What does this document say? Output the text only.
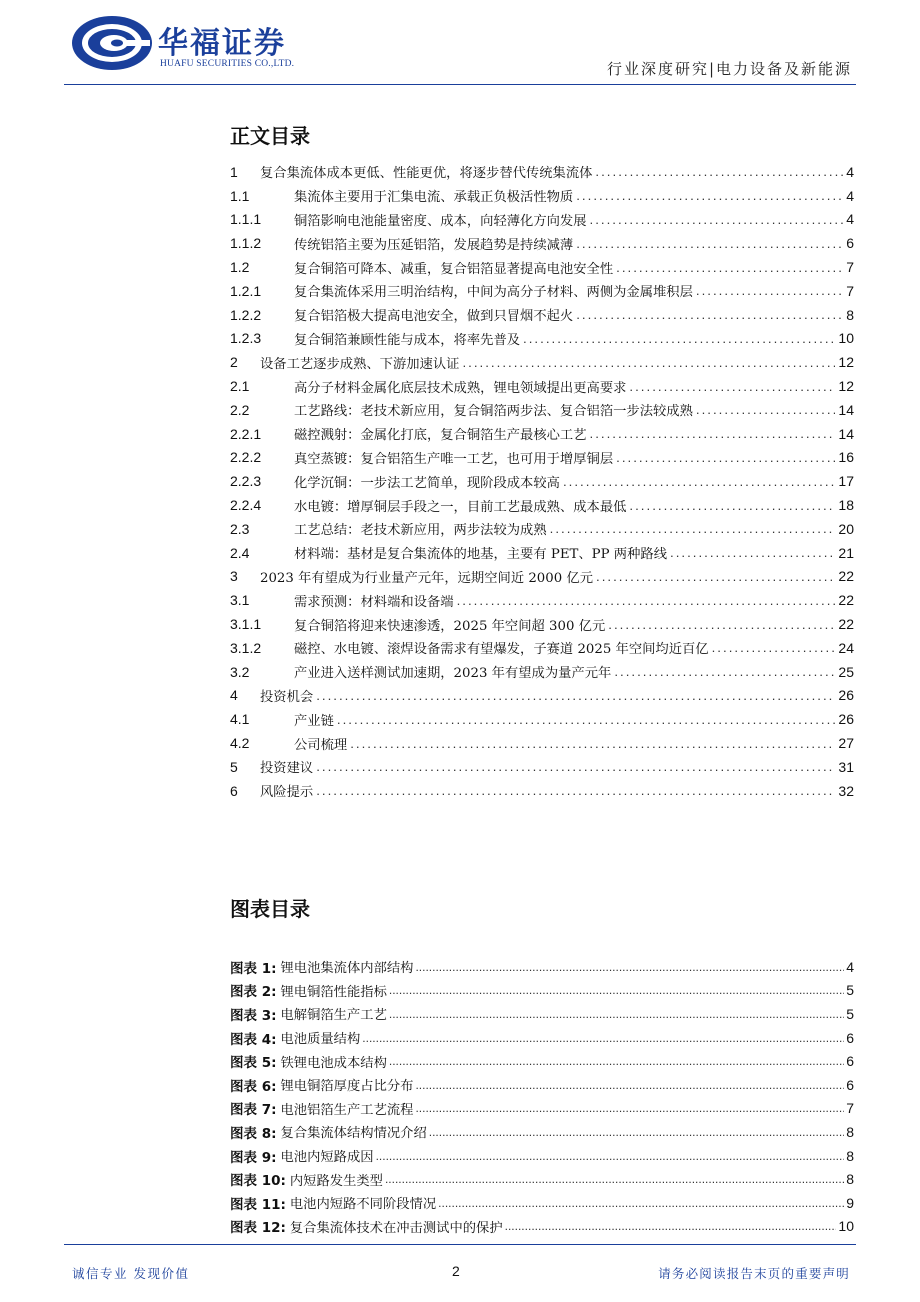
华福证券
HUAFU SECURITIES CO.,LTD.	行业深度研究|电力设备及新能源
正文目录
1	复合集流体成本更低、性能更优，将逐步替代传统集流体 .....	4
1.1	集流体主要用于汇集电流、承载正负极活性物质 .....	4
1.1.1	铜箔影响电池能量密度、成本，向轻薄化方向发展 .....	4
1.1.2	传统铝箔主要为压延铝箔，发展趋势是持续减薄 .....	6
1.2	复合铜箔可降本、减重，复合铝箔显著提高电池安全性 .....	7
1.2.1	复合集流体采用三明治结构，中间为高分子材料、两侧为金属堆积层 .....	7
1.2.2	复合铝箔极大提高电池安全，做到只冒烟不起火 .....	8
1.2.3	复合铜箔兼顾性能与成本，将率先普及 .....	10
2	设备工艺逐步成熟、下游加速认证 .....	12
2.1	高分子材料金属化底层技术成熟，锂电领域提出更高要求 .....	12
2.2	工艺路线：老技术新应用，复合铜箔两步法、复合铝箔一步法较成熟 .....	14
2.2.1	磁控溅射：金属化打底，复合铜箔生产最核心工艺 .....	14
2.2.2	真空蒸镀：复合铝箔生产唯一工艺，也可用于增厚铜层 .....	16
2.2.3	化学沉铜：一步法工艺简单，现阶段成本较高 .....	17
2.2.4	水电镀：增厚铜层手段之一，目前工艺最成熟、成本最低 .....	18
2.3	工艺总结：老技术新应用，两步法较为成熟 .....	20
2.4	材料端：基材是复合集流体的地基，主要有 PET、PP 两种路线 .....	21
3	2023 年有望成为行业量产元年，远期空间近 2000 亿元 .....	22
3.1	需求预测：材料端和设备端 .....	22
3.1.1	复合铜箔将迎来快速渗透，2025 年空间超 300 亿元 .....	22
3.1.2	磁控、水电镀、滚焊设备需求有望爆发，子赛道 2025 年空间均近百亿 .....	24
3.2	产业进入送样测试加速期，2023 年有望成为量产元年 .....	25
4	投资机会 .....	26
4.1	产业链 .....	26
4.2	公司梳理 .....	27
5	投资建议 .....	31
6	风险提示 .....	32
图表目录
图表 1: 锂电池集流体内部结构 .....	4
图表 2: 锂电铜箔性能指标 .....	5
图表 3: 电解铜箔生产工艺 .....	5
图表 4: 电池质量结构 .....	6
图表 5: 铁锂电池成本结构 .....	6
图表 6: 锂电铜箔厚度占比分布 .....	6
图表 7: 电池铝箔生产工艺流程 .....	7
图表 8: 复合集流体结构情况介绍 .....	8
图表 9: 电池内短路成因 .....	8
图表 10: 内短路发生类型 .....	8
图表 11: 电池内短路不同阶段情况 .....	9
图表 12: 复合集流体技术在冲击测试中的保护 .....	10
诚信专业 发现价值	2	请务必阅读报告末页的重要声明
